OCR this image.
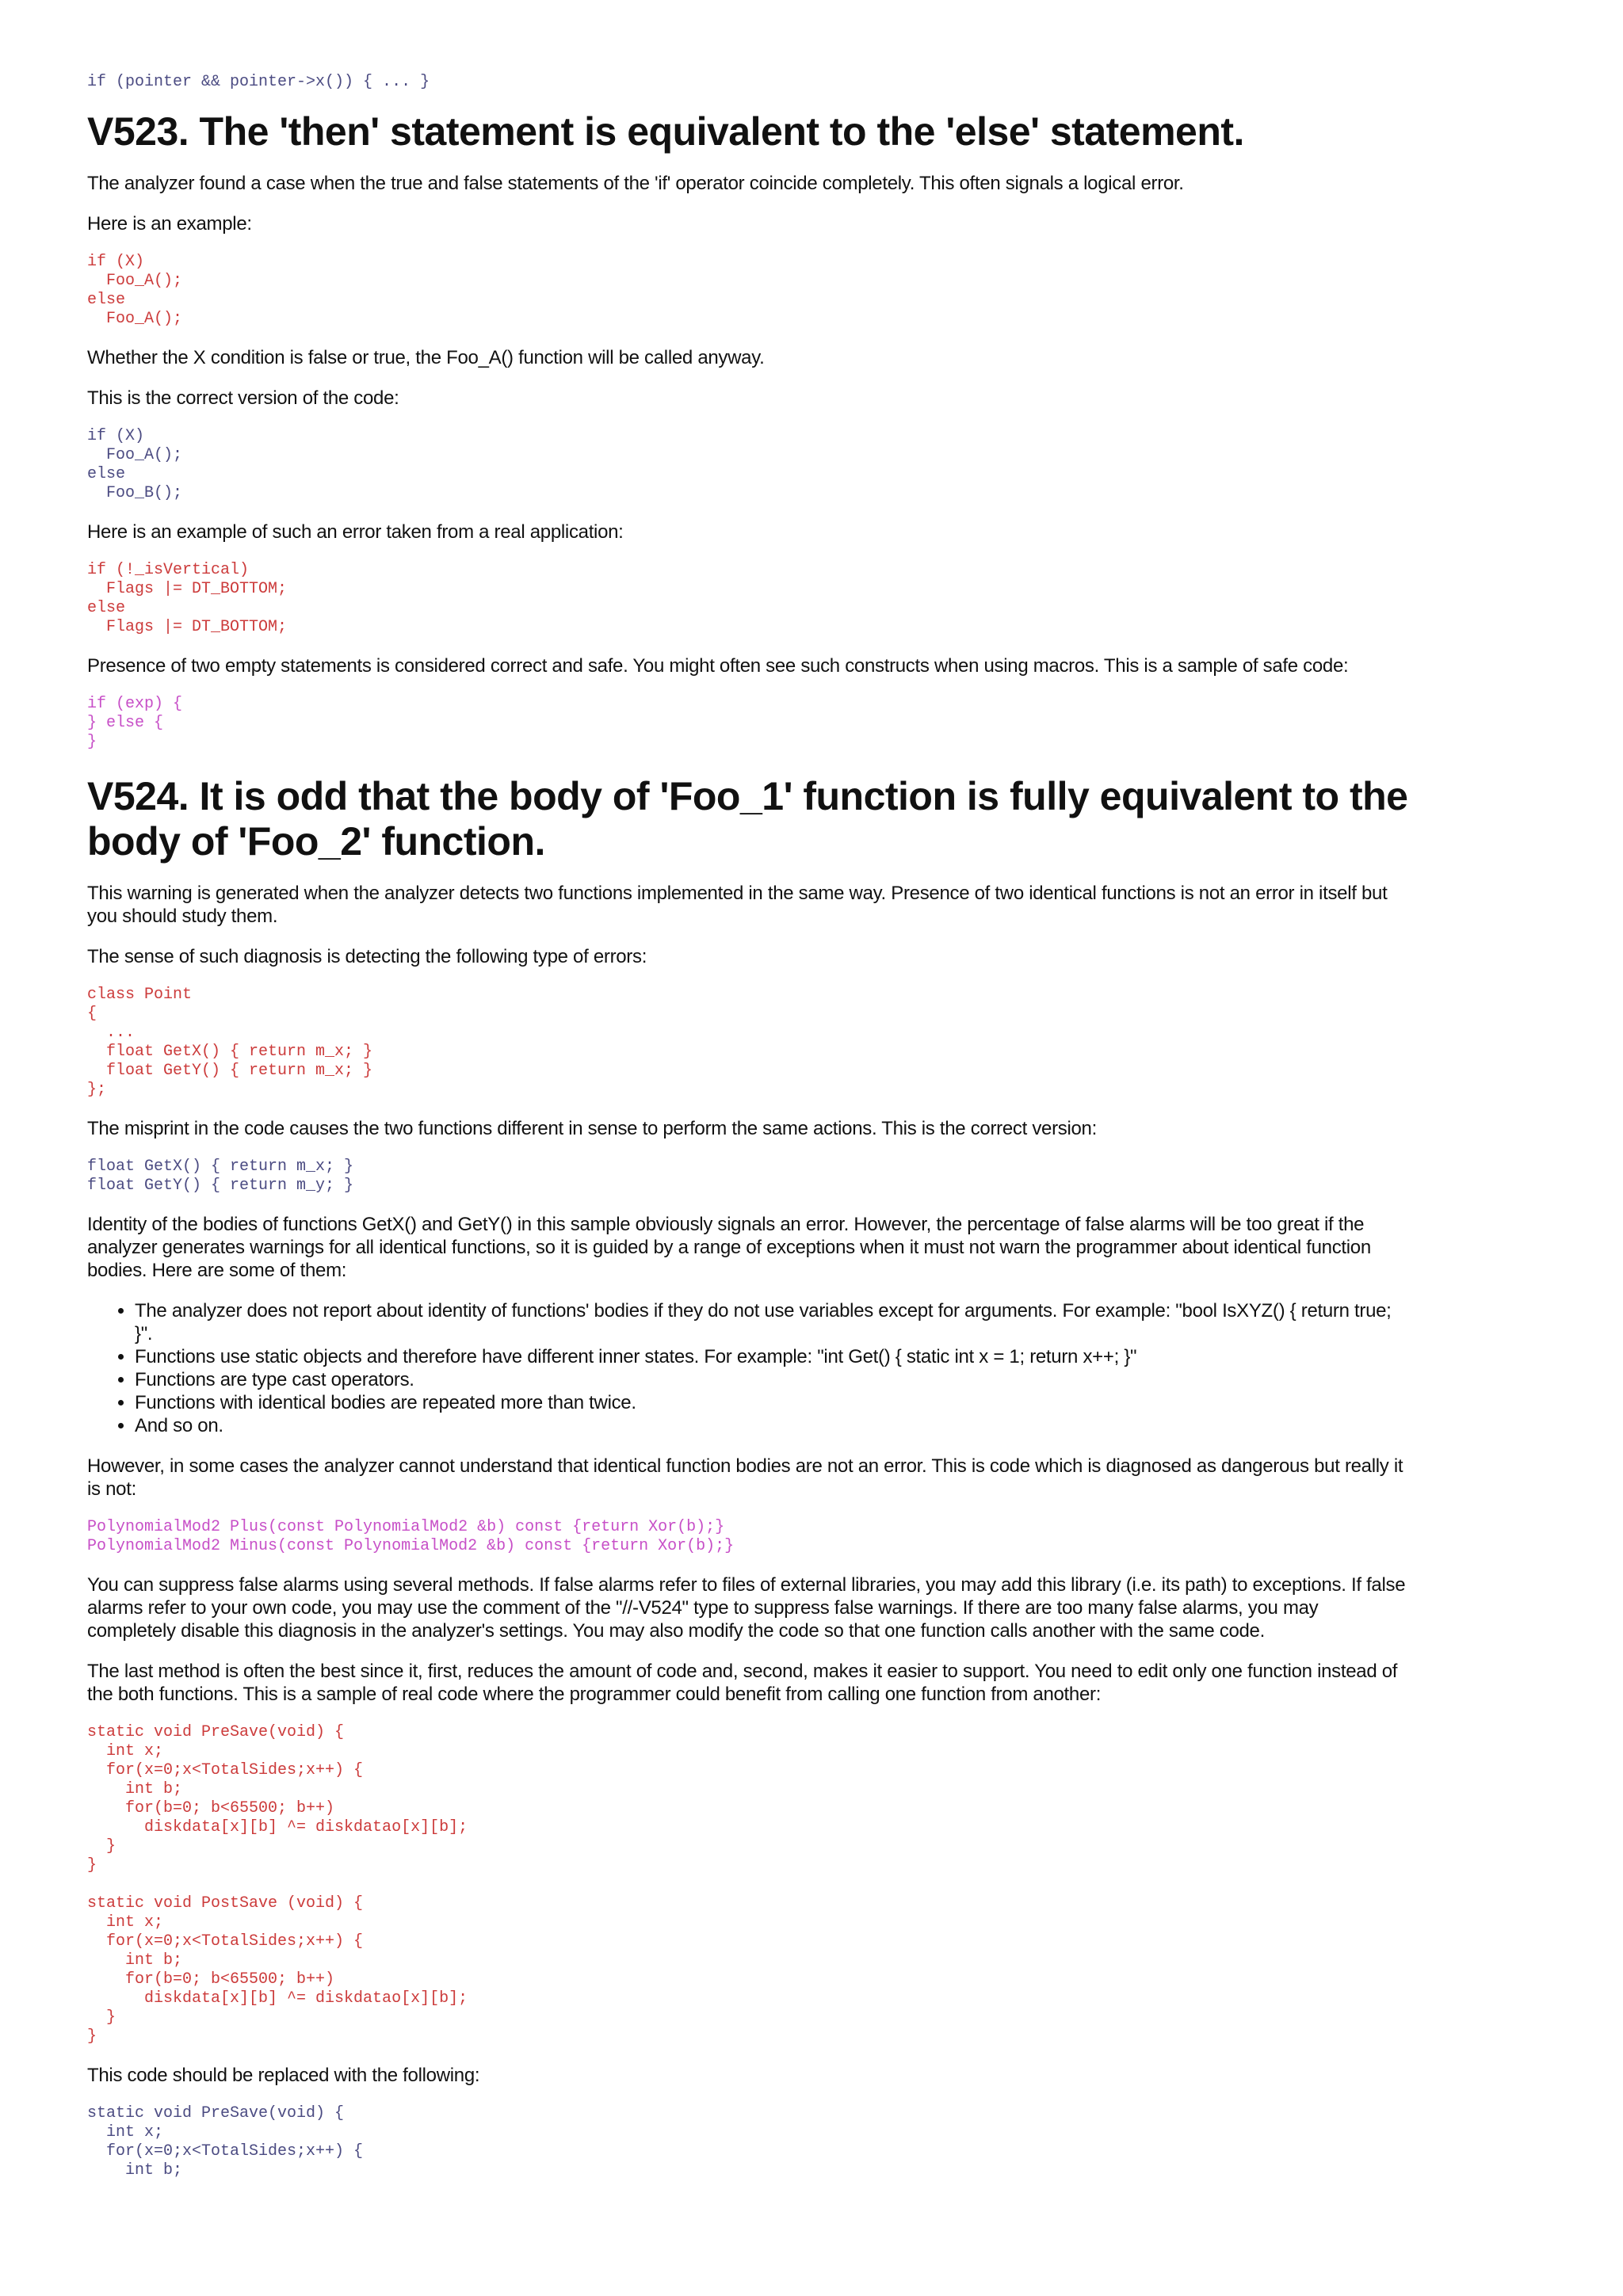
if (pointer && pointer->x()) { ... }
V523. The 'then' statement is equivalent to the 'else' statement.

The analyzer found a case when the true and false statements of the 'if' operator coincide completely. This often signals a logical error.

Here is an example:

if (X)
Foo_A();
else
Foo_A();

Whether the X condition is false or true, the Foo_A() function will be called anyway.

This is the correct version of the code:

if (X)
Foo_A();
else
Foo_B();

Here is an example of such an error taken from a real application:

if (!_isVertical)
Flags |= DT_BOTTOM;
else
Flags |= DT_BOTTOM;

Presence of two empty statements is considered correct and safe. You might often see such constructs when using macros. This is a sample of safe code:

if (exp) {
} else {
}
V524. It is odd that the body of 'Foo_1' function is fully equivalent to the body of 'Foo_2' function.

This warning is generated when the analyzer detects two functions implemented in the same way. Presence of two identical functions is not an error in itself but you should study them.

The sense of such diagnosis is detecting the following type of errors:

class Point
{
...
float GetX() { return m_x; }
float GetY() { return m_x; }
};

The misprint in the code causes the two functions different in sense to perform the same actions. This is the correct version:

float GetX() { return m_x; }
float GetY() { return m_y; }

Identity of the bodies of functions GetX() and GetY() in this sample obviously signals an error. However, the percentage of false alarms will be too great if the analyzer generates warnings for all identical functions, so it is guided by a range of exceptions when it must not warn the programmer about identical function bodies. Here are some of them:

• The analyzer does not report about identity of functions' bodies if they do not use variables except for arguments. For example: "bool IsXYZ() { return true; }".
• Functions use static objects and therefore have different inner states. For example: "int Get() { static int x = 1; return x++; }"
• Functions are type cast operators.
• Functions with identical bodies are repeated more than twice.
• And so on.

However, in some cases the analyzer cannot understand that identical function bodies are not an error. This is code which is diagnosed as dangerous but really it is not:

PolynomialMod2 Plus(const PolynomialMod2 &b) const {return Xor(b);}
PolynomialMod2 Minus(const PolynomialMod2 &b) const {return Xor(b);}

You can suppress false alarms using several methods. If false alarms refer to files of external libraries, you may add this library (i.e. its path) to exceptions. If false alarms refer to your own code, you may use the comment of the "//-V524" type to suppress false warnings. If there are too many false alarms, you may completely disable this diagnosis in the analyzer's settings. You may also modify the code so that one function calls another with the same code.

The last method is often the best since it, first, reduces the amount of code and, second, makes it easier to support. You need to edit only one function instead of the both functions. This is a sample of real code where the programmer could benefit from calling one function from another:

static void PreSave(void) {
int x;
for(x=0;x<TotalSides;x++) {
int b;
for(b=0; b<65500; b++)
diskdata[x][b] ^= diskdatao[x][b];
}
}

static void PostSave (void) {
int x;
for(x=0;x<TotalSides;x++) {
int b;
for(b=0; b<65500; b++)
diskdata[x][b] ^= diskdatao[x][b];
}
}

This code should be replaced with the following:

static void PreSave(void) {
int x;
for(x=0;x<TotalSides;x++) {
int b;
